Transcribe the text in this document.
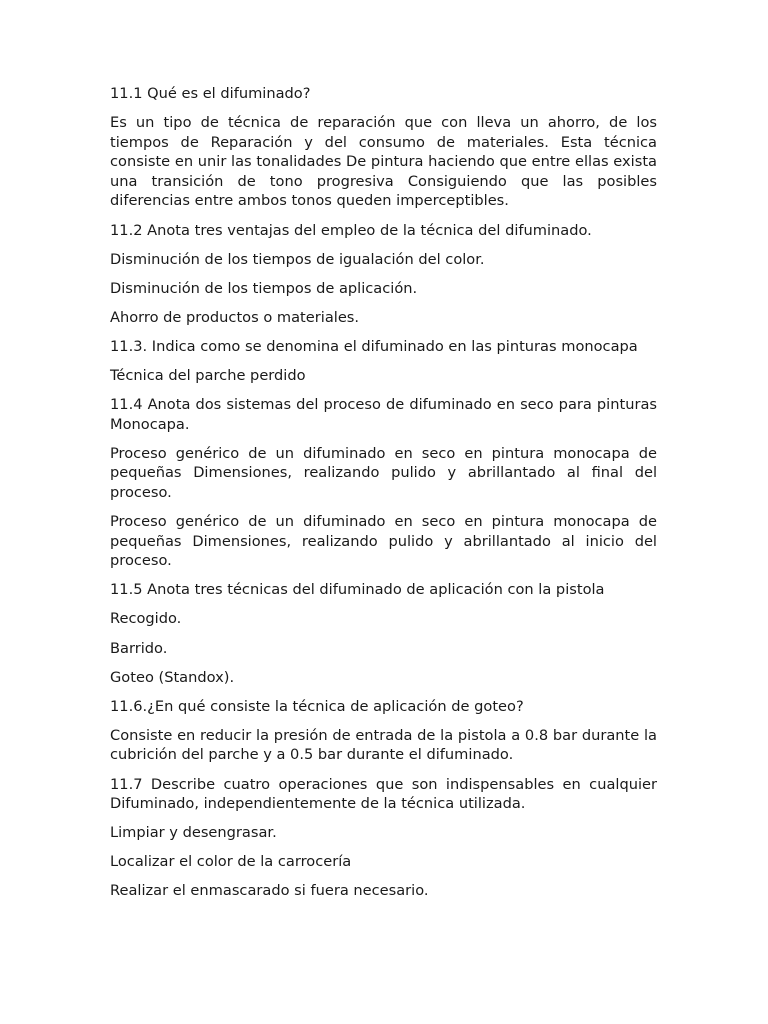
11.1 Qué es el difuminado?

Es un tipo de técnica de reparación que con lleva un ahorro, de los tiempos de Reparación y del consumo de materiales. Esta técnica consiste en unir las tonalidades De pintura haciendo que entre ellas exista una transición de tono progresiva Consiguiendo que las posibles diferencias entre ambos tonos queden imperceptibles.

11.2 Anota tres ventajas del empleo de la técnica del difuminado.

Disminución de los tiempos de igualación del color.

Disminución de los tiempos de aplicación.

Ahorro de productos o materiales.

11.3. Indica como se denomina el difuminado en las pinturas monocapa

Técnica del parche perdido

11.4 Anota dos sistemas del proceso de difuminado en seco para pinturas Monocapa.

Proceso genérico de un difuminado en seco en pintura monocapa de pequeñas Dimensiones, realizando pulido y abrillantado al final del proceso.

Proceso genérico de un difuminado en seco en pintura monocapa de pequeñas Dimensiones, realizando pulido y abrillantado al inicio del proceso.

11.5 Anota tres técnicas del difuminado de aplicación con la pistola

Recogido.

Barrido.

Goteo (Standox).

11.6.¿En qué consiste la técnica de aplicación de goteo?

Consiste en reducir la presión de entrada de la pistola a 0.8 bar durante la cubrición del parche y a 0.5 bar durante el difuminado.

11.7 Describe cuatro operaciones que son indispensables en cualquier Difuminado, independientemente de la técnica utilizada.

Limpiar y desengrasar.

Localizar el color de la carrocería

Realizar el enmascarado si fuera necesario.
